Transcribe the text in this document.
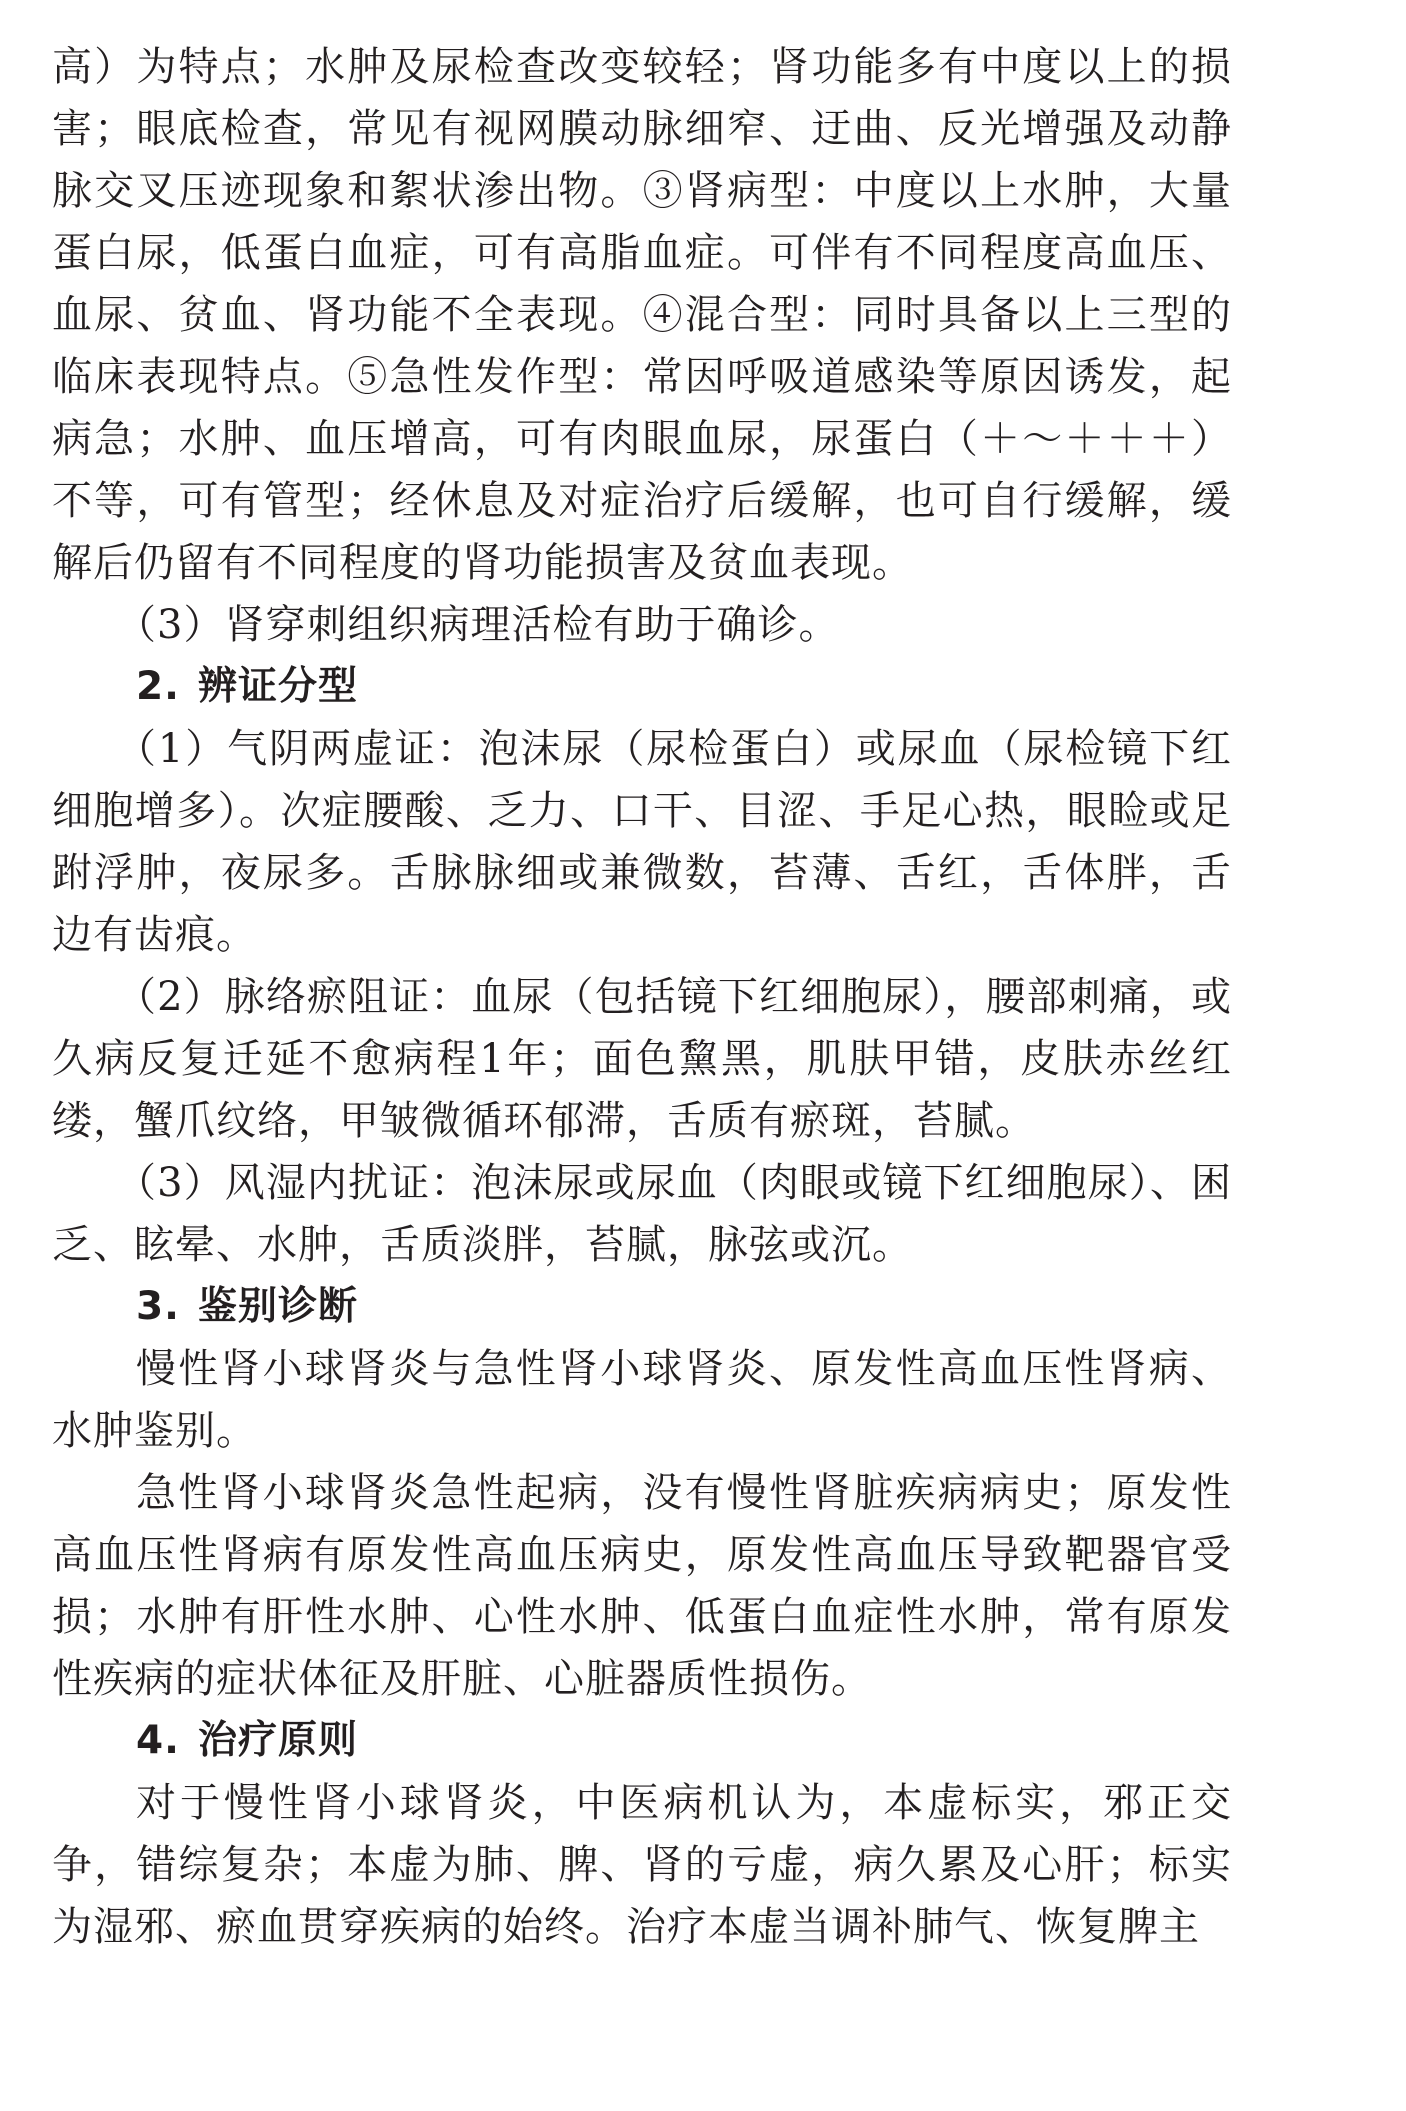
高）为特点；水肿及尿检查改变较轻；肾功能多有中度以上的损害；眼底检查，常见有视网膜动脉细窄、迂曲、反光增强及动静脉交叉压迹现象和絮状渗出物。③肾病型：中度以上水肿，大量蛋白尿，低蛋白血症，可有高脂血症。可伴有不同程度高血压、血尿、贫血、肾功能不全表现。④混合型：同时具备以上三型的临床表现特点。⑤急性发作型：常因呼吸道感染等原因诱发，起病急；水肿、血压增高，可有肉眼血尿，尿蛋白（＋～＋＋＋）不等，可有管型；经休息及对症治疗后缓解，也可自行缓解，缓解后仍留有不同程度的肾功能损害及贫血表现。

（3）肾穿刺组织病理活检有助于确诊。

2. 辨证分型

（1）气阴两虚证：泡沫尿（尿检蛋白）或尿血（尿检镜下红细胞增多）。次症腰酸、乏力、口干、目涩、手足心热，眼睑或足跗浮肿，夜尿多。舌脉脉细或兼微数，苔薄、舌红，舌体胖，舌边有齿痕。

（2）脉络瘀阻证：血尿（包括镜下红细胞尿），腰部刺痛，或久病反复迁延不愈病程1年；面色黧黑，肌肤甲错，皮肤赤丝红缕，蟹爪纹络，甲皱微循环郁滞，舌质有瘀斑，苔腻。

（3）风湿内扰证：泡沫尿或尿血（肉眼或镜下红细胞尿）、困乏、眩晕、水肿，舌质淡胖，苔腻，脉弦或沉。

3. 鉴别诊断

慢性肾小球肾炎与急性肾小球肾炎、原发性高血压性肾病、水肿鉴别。

急性肾小球肾炎急性起病，没有慢性肾脏疾病病史；原发性高血压性肾病有原发性高血压病史，原发性高血压导致靶器官受损；水肿有肝性水肿、心性水肿、低蛋白血症性水肿，常有原发性疾病的症状体征及肝脏、心脏器质性损伤。

4. 治疗原则

对于慢性肾小球肾炎，中医病机认为，本虚标实，邪正交争，错综复杂；本虚为肺、脾、肾的亏虚，病久累及心肝；标实为湿邪、瘀血贯穿疾病的始终。治疗本虚当调补肺气、恢复脾主
